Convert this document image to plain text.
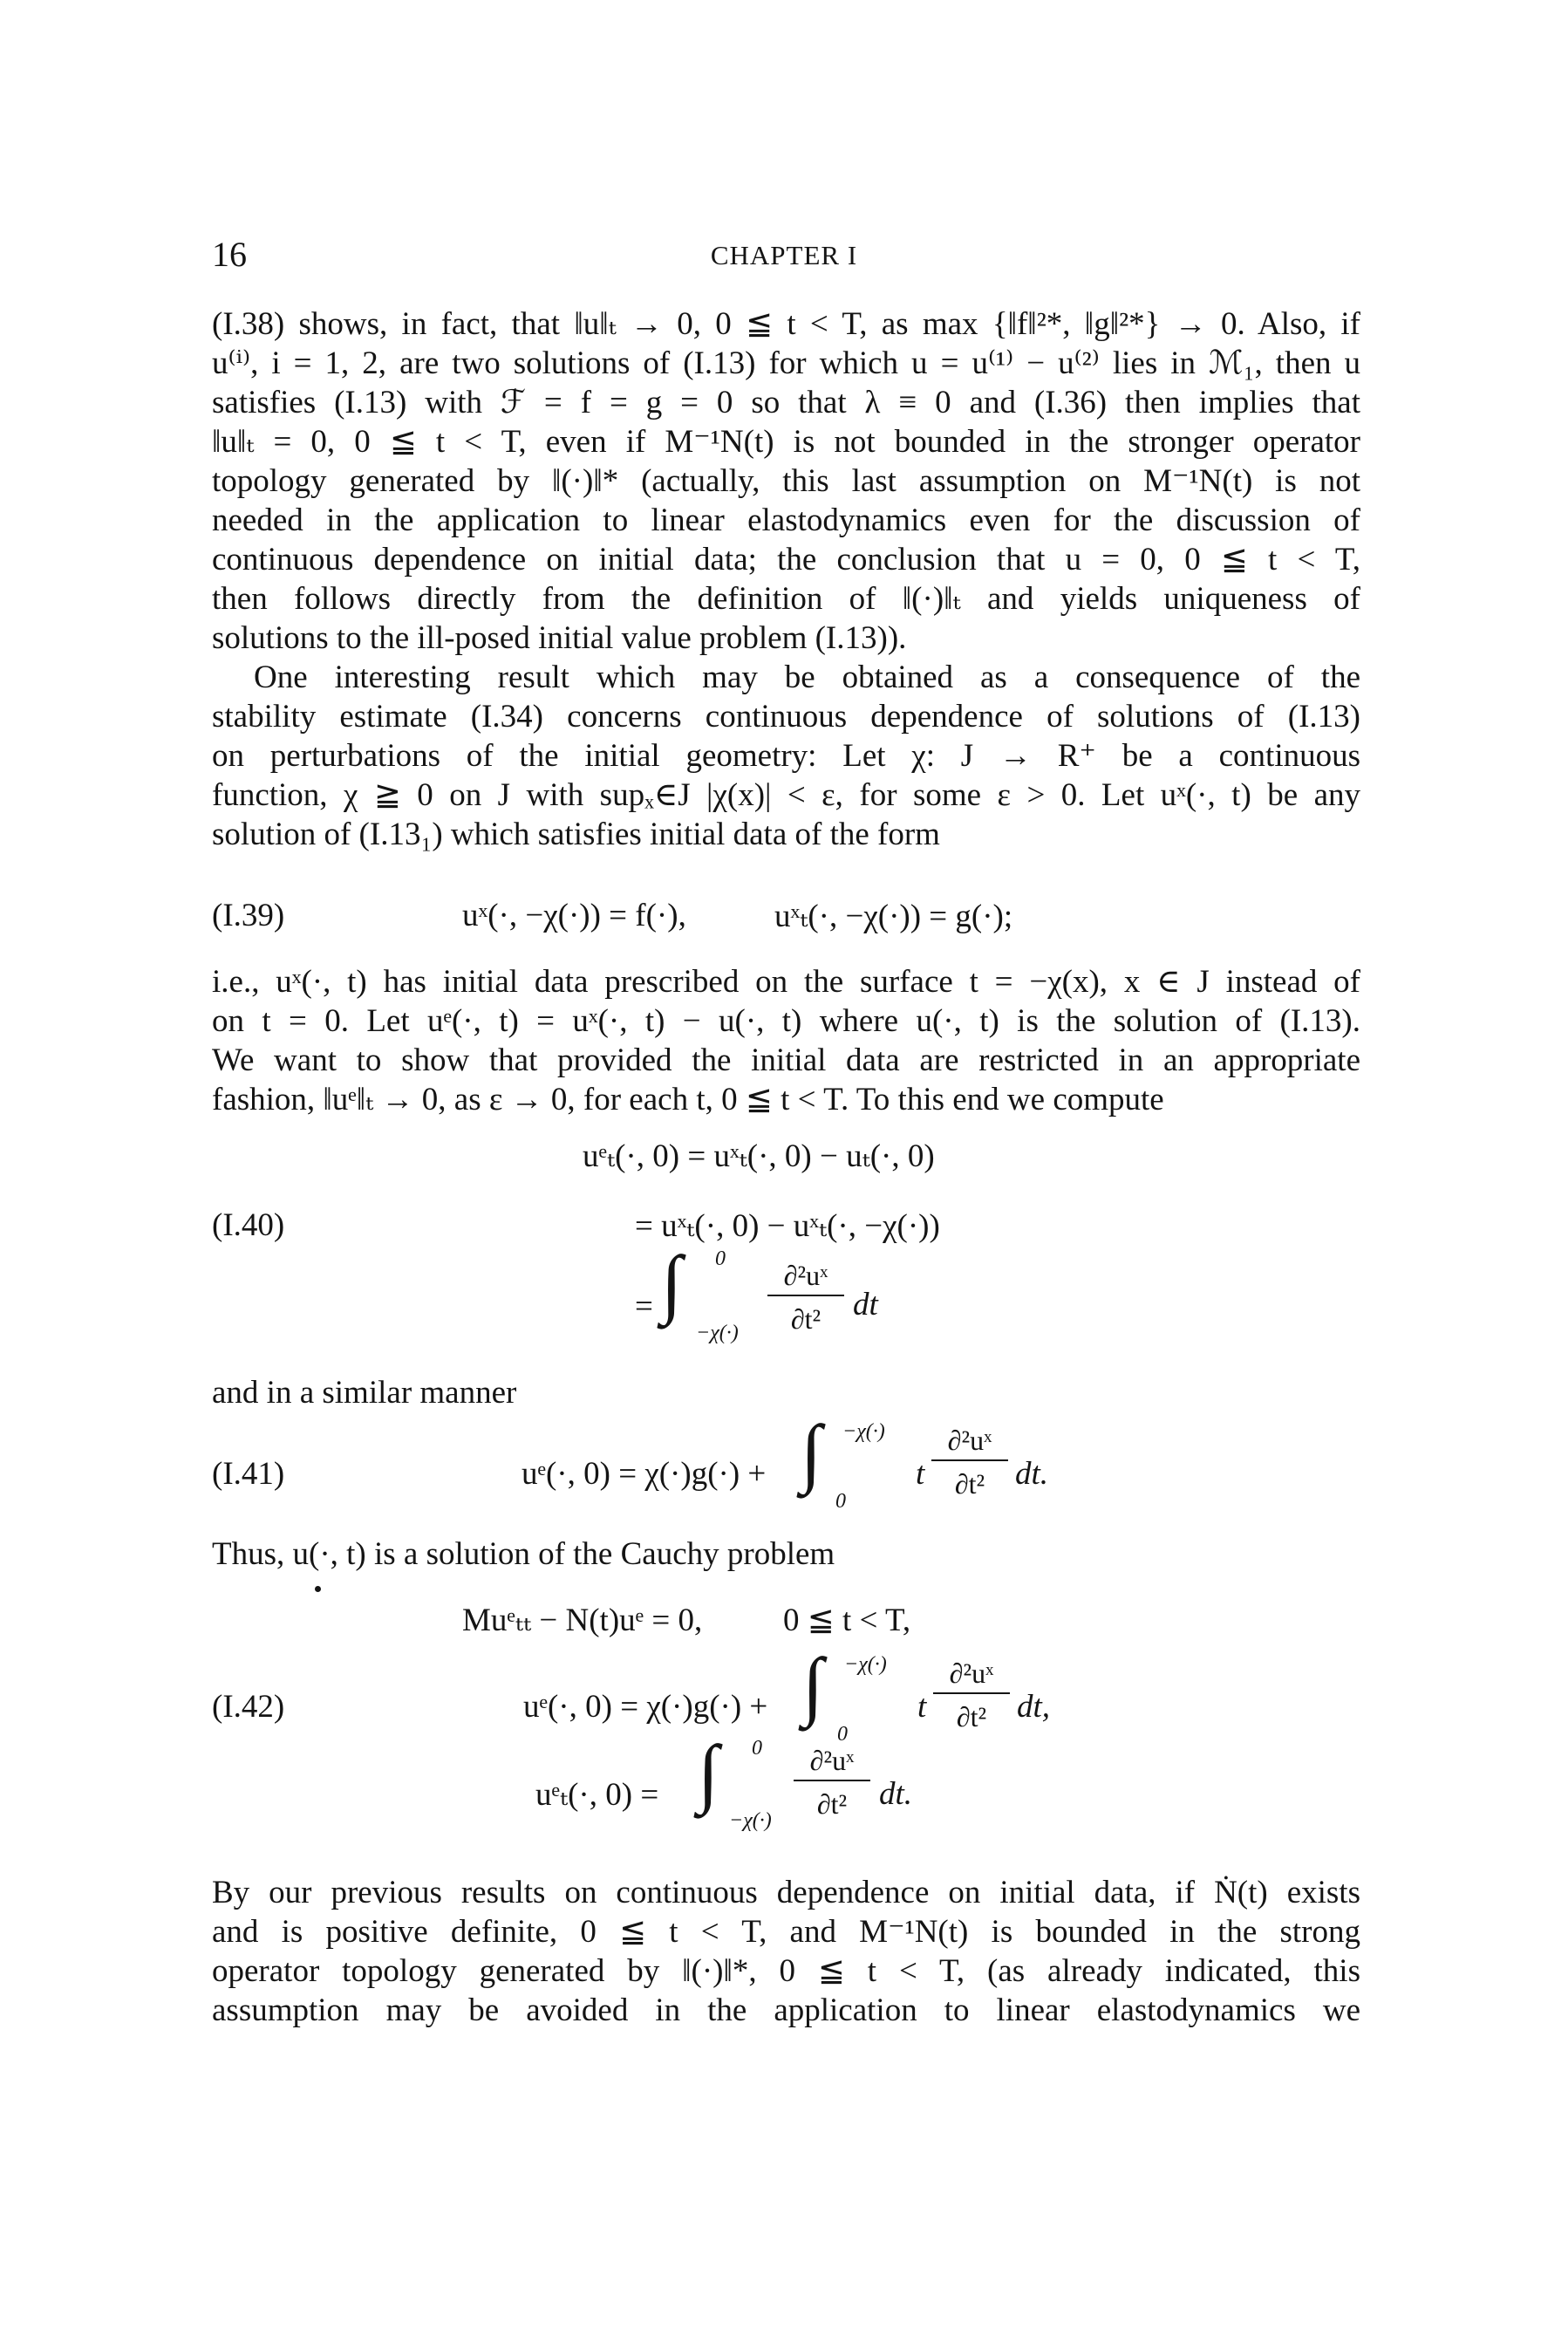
16	CHAPTER I
(I.38) shows, in fact, that ‖u‖ₜ → 0, 0 ≦ t < T, as max {‖f‖²*, ‖g‖²*} → 0. Also, if
u⁽ⁱ⁾, i = 1, 2, are two solutions of (I.13) for which u = u⁽¹⁾ − u⁽²⁾ lies in ℳ₁, then u
satisfies (I.13) with ℱ = f = g = 0 so that λ ≡ 0 and (I.36) then implies that
‖u‖ₜ = 0, 0 ≦ t < T, even if M⁻¹N(t) is not bounded in the stronger operator
topology generated by ‖(·)‖* (actually, this last assumption on M⁻¹N(t) is not
needed in the application to linear elastodynamics even for the discussion of
continuous dependence on initial data; the conclusion that u = 0, 0 ≦ t < T,
then follows directly from the definition of ‖(·)‖ₜ and yields uniqueness of
solutions to the ill-posed initial value problem (I.13)).
One interesting result which may be obtained as a consequence of the
stability estimate (I.34) concerns continuous dependence of solutions of (I.13)
on perturbations of the initial geometry: Let χ: J → R⁺ be a continuous
function, χ ≧ 0 on J with supₓ∈J |χ(x)| < ε, for some ε > 0. Let uˣ(·, t) be any
solution of (I.13₁) which satisfies initial data of the form
(I.39)	uˣ(·, −χ(·)) = f(·),	uˣₜ(·, −χ(·)) = g(·);
i.e., uˣ(·, t) has initial data prescribed on the surface t = −χ(x), x ∈ J instead of
on t = 0. Let uᵉ(·, t) = uˣ(·, t) − u(·, t) where u(·, t) is the solution of (I.13).
We want to show that provided the initial data are restricted in an appropriate
fashion, ‖uᵉ‖ₜ → 0, as ε → 0, for each t, 0 ≦ t < T. To this end we compute
uᵉₜ(·, 0) = uˣₜ(·, 0) − uₜ(·, 0)
(I.40)	= uˣₜ(·, 0) − uˣₜ(·, −χ(·))
= ∫ 0
−χ(·)
∂²uˣ
∂t² dt
and in a similar manner
(I.41)	uᵉ(·, 0) = χ(·)g(·) + ∫ −χ(·)
0
t
∂²uˣ
∂t² dt.
Thus, u(·, t) is a solution of the Cauchy problem
Muᵉₜₜ − N(t)uᵉ = 0,	0 ≦ t < T,
(I.42)	uᵉ(·, 0) = χ(·)g(·) + ∫ −χ(·)
0
t
∂²uˣ
∂t² dt,
uᵉₜ(·, 0) = ∫ 0
−χ(·)
∂²uˣ
∂t² dt.
By our previous results on continuous dependence on initial data, if Ṅ(t) exists
and is positive definite, 0 ≦ t < T, and M⁻¹N(t) is bounded in the strong
operator topology generated by ‖(·)‖*, 0 ≦ t < T, (as already indicated, this
assumption may be avoided in the application to linear elastodynamics we
